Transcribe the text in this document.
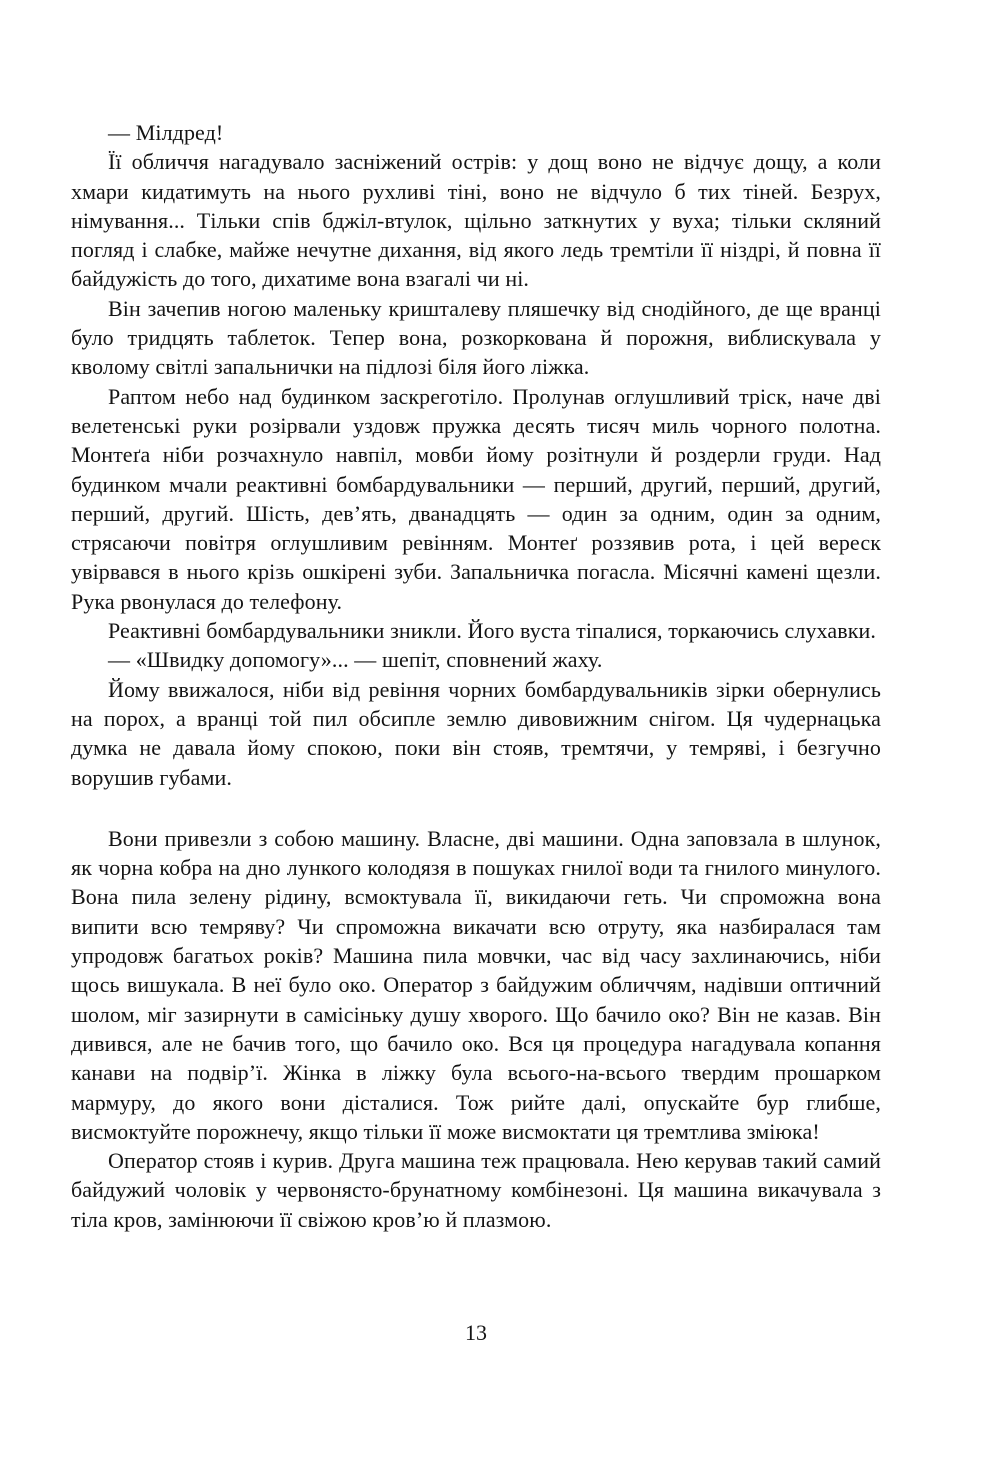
— Мілдред!

Її обличчя нагадувало засніжений острів: у дощ воно не відчує дощу, а коли хмари кидатимуть на нього рухливі тіні, воно не відчуло б тих тіней. Безрух, німування... Тільки спів бджіл-втулок, щільно заткнутих у вуха; тільки скляний погляд і слабке, майже нечутне дихання, від якого ледь тремтіли її ніздрі, й повна її байдужість до того, дихатиме вона взагалі чи ні.

Він зачепив ногою маленьку кришталеву пляшечку від снодійного, де ще вранці було тридцять таблеток. Тепер вона, розкоркована й порожня, виблискувала у кволому світлі запальнички на підлозі біля його ліжка.

Раптом небо над будинком заскреготіло. Пролунав оглушливий тріск, наче дві велетенські руки розірвали уздовж пружка десять тисяч миль чорного полотна. Монтеґа ніби розчахнуло навпіл, мовби йому розітнули й роздерли груди. Над будинком мчали реактивні бомбардувальники — перший, другий, перший, другий, перший, другий. Шість, дев’ять, дванадцять — один за одним, один за одним, стрясаючи повітря оглушливим ревінням. Монтеґ роззявив рота, і цей вереск увірвався в нього крізь ошкірені зуби. Запальничка погасла. Місячні камені щезли. Рука рвонулася до телефону.

Реактивні бомбардувальники зникли. Його вуста тіпалися, торкаючись слухавки.

— «Швидку допомогу»... — шепіт, сповнений жаху.

Йому ввижалося, ніби від ревіння чорних бомбардувальників зірки обернулись на порох, а вранці той пил обсипле землю дивовижним снігом. Ця чудернацька думка не давала йому спокою, поки він стояв, тремтячи, у темряві, і безгучно ворушив губами.

Вони привезли з собою машину. Власне, дві машини. Одна заповзала в шлунок, як чорна кобра на дно лункого колодязя в пошуках гнилої води та гнилого минулого. Вона пила зелену рідину, всмоктувала її, викидаючи геть. Чи спроможна вона випити всю темряву? Чи спроможна викачати всю отруту, яка назбиралася там упродовж багатьох років? Машина пила мовчки, час від часу захлинаючись, ніби щось вишукала. В неї було око. Оператор з байдужим обличчям, надівши оптичний шолом, міг зазирнути в самісіньку душу хворого. Що бачило око? Він не казав. Він дивився, але не бачив того, що бачило око. Вся ця процедура нагадувала копання канави на подвір’ї. Жінка в ліжку була всього-на-всього твердим прошарком мармуру, до якого вони дісталися. Тож рийте далі, опускайте бур глибше, висмоктуйте порожнечу, якщо тільки її може висмоктати ця тремтлива зміюка!

Оператор стояв і курив. Друга машина теж працювала. Нею керував такий самий байдужий чоловік у червонясто-брунатному комбінезоні. Ця машина викачувала з тіла кров, замінюючи її свіжою кров’ю й плазмою.

13
